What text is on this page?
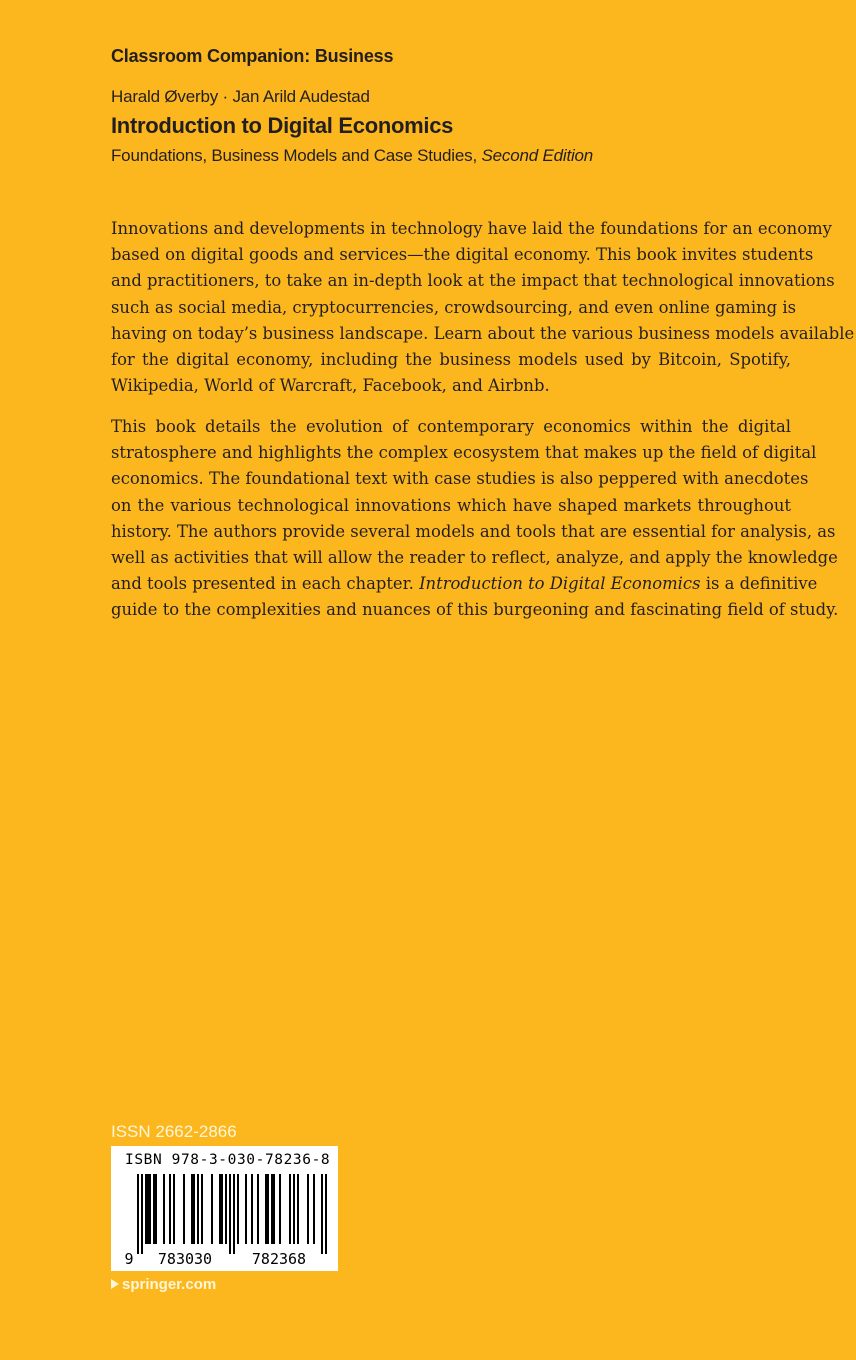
Classroom Companion: Business
Harald Øverby · Jan Arild Audestad
Introduction to Digital Economics
Foundations, Business Models and Case Studies, Second Edition

Innovations and developments in technology have laid the foundations for an economy
based on digital goods and services—the digital economy. This book invites students
and practitioners, to take an in-depth look at the impact that technological innovations
such as social media, cryptocurrencies, crowdsourcing, and even online gaming is
having on today’s business landscape. Learn about the various business models available
for the digital economy, including the business models used by Bitcoin, Spotify,
Wikipedia, World of Warcraft, Facebook, and Airbnb.

This book details the evolution of contemporary economics within the digital
stratosphere and highlights the complex ecosystem that makes up the field of digital
economics. The foundational text with case studies is also peppered with anecdotes
on the various technological innovations which have shaped markets throughout
history. The authors provide several models and tools that are essential for analysis, as
well as activities that will allow the reader to reflect, analyze, and apply the knowledge
and tools presented in each chapter. Introduction to Digital Economics is a definitive
guide to the complexities and nuances of this burgeoning and fascinating field of study.

ISSN 2662-2866
9 783030	782368
ISBN 978-3-030-78236-8
springer.com
